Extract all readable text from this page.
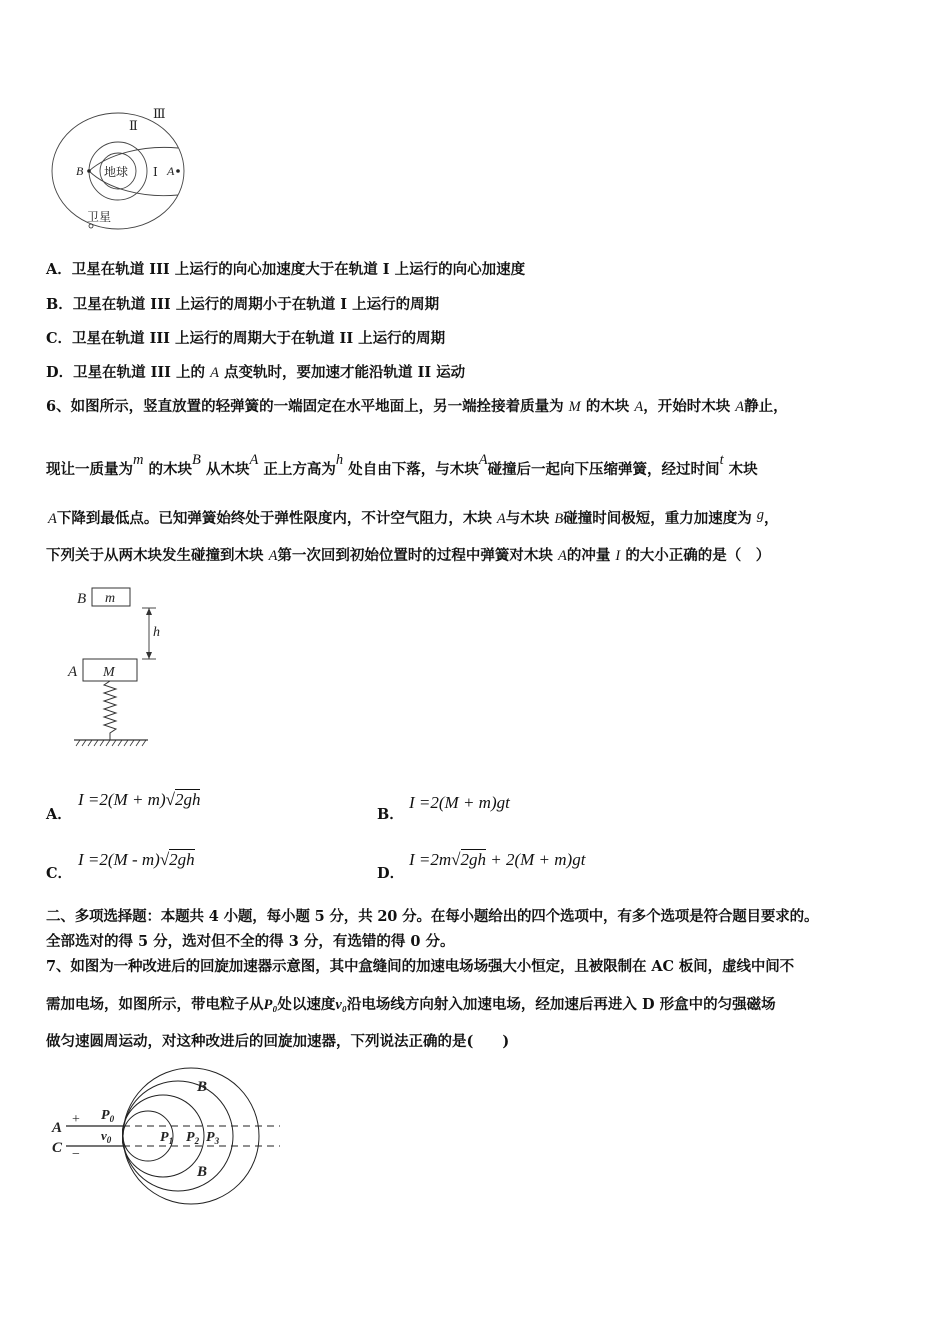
地球
B	A
Ⅰ
Ⅱ
Ⅲ
卫星
A．卫星在轨道 III 上运行的向心加速度大于在轨道 I 上运行的向心加速度
B．卫星在轨道 III 上运行的周期小于在轨道 I 上运行的周期
C．卫星在轨道 III 上运行的周期大于在轨道 II 上运行的周期
D．卫星在轨道 III 上的 A 点变轨时，要加速才能沿轨道 II 运动
6、如图所示，竖直放置的轻弹簧的一端固定在水平地面上，另一端拴接着质量为 M 的木块 A，开始时木块 A静止，
现让一质量为m 的木块B 从木块A 正上方高为h 处自由下落，与木块A碰撞后一起向下压缩弹簧，经过时间t 木块
A下降到最低点。已知弹簧始终处于弹性限度内，不计空气阻力，木块 A与木块 B碰撞时间极短，重力加速度为 g，
下列关于从两木块发生碰撞到木块 A第一次回到初始位置时的过程中弹簧对木块 A的冲量 I 的大小正确的是（　）
B m
h
A M
A．
I =2(M + m)√2gh
B．
I =2(M + m)gt
C．
I =2(M - m)√2gh
D．
I =2m√2gh + 2(M + m)gt
二、多项选择题：本题共 4 小题，每小题 5 分，共 20 分。在每小题给出的四个选项中，有多个选项是符合题目要求的。
全部选对的得 5 分，选对但不全的得 3 分，有选错的得 0 分。
7、如图为一种改进后的回旋加速器示意图，其中盒缝间的加速电场场强大小恒定，且被限制在 AC 板间，虚线中间不
需加电场，如图所示，带电粒子从P₀处以速度v₀沿电场线方向射入加速电场，经加速后再进入 D 形盒中的匀强磁场
做匀速圆周运动，对这种改进后的回旋加速器，下列说法正确的是(　　)
A
C
+
−
$P_0$
$v_0$	$P_1$ $P_2$ $P_3$
B
B
